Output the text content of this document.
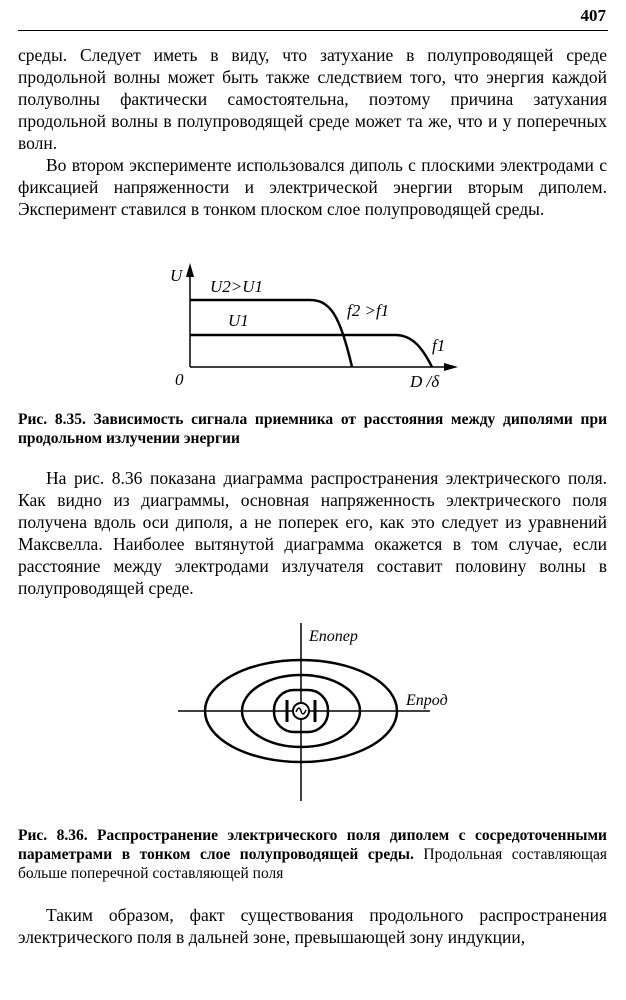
407

среды. Следует иметь в виду, что затухание в полупроводящей среде продольной волны может быть также следствием того, что энергия каждой полуволны фактически самостоятельна, поэтому причина затухания продольной волны в полупроводящей среде может та же, что и у поперечных волн.

Во втором эксперименте использовался диполь с плоскими электродами с фиксацией напряженности и электрической энергии вторым диполем. Эксперимент ставился в тонком плоском слое полупроводящей среды.

U
0	D /δ
U2>U1
U1
f2 >f1
f1

Рис. 8.35. Зависимость сигнала приемника от расстояния между диполями при продольном излучении энергии

На рис. 8.36 показана диаграмма распространения электрического поля. Как видно из диаграммы, основная напряженность электрического поля получена вдоль оси диполя, а не поперек его, как это следует из уравнений Максвелла. Наиболее вытянутой диаграмма окажется в том случае, если расстояние между электродами излучателя составит половину волны в полупроводящей среде.

Eпопер
Eпрод

Рис. 8.36. Распространение электрического поля диполем с сосредоточенными параметрами в тонком слое полупроводящей среды. Продольная составляющая больше поперечной составляющей поля

Таким образом, факт существования продольного распространения электрического поля в дальней зоне, превышающей зону индукции,
